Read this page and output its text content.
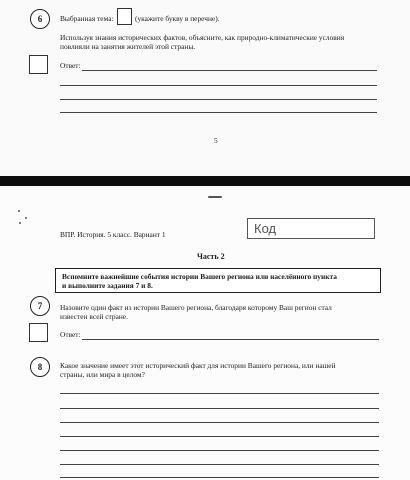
6	Выбранная тема:	(укажите букву в перечне).
Используя знания исторических фактов, объясните, как природно-климатические условия
повлияли на занятия жителей этой страны.
Ответ:
5
ВПР. История. 5 класс. Вариант 1	Код
Часть 2
Вспомните важнейшие события истории Вашего региона или населённого пункта
и выполните задания 7 и 8.
7	Назовите один факт из истории Вашего региона, благодаря которому Ваш регион стал
известен всей стране.
Ответ:
8	Какое значение имеет этот исторический факт для истории Вашего региона, или нашей
страны, или мира в целом?
